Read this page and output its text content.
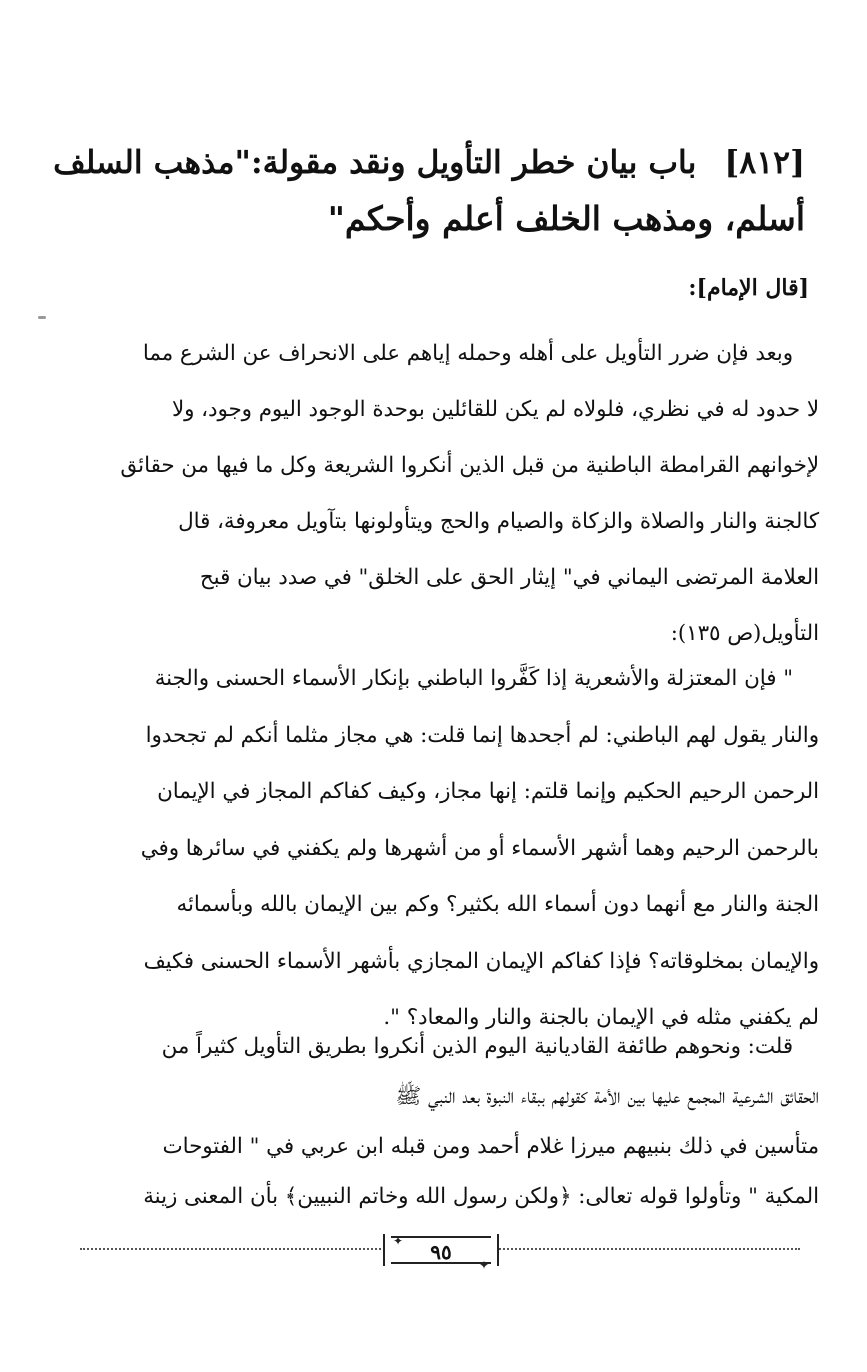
[٨١٢]باب بيان خطر التأويل ونقد مقولة:"مذهب السلف
أسلم، ومذهب الخلف أعلم وأحكم"
[قال الإمام]:
وبعد فإن ضرر التأويل على أهله وحمله إياهم على الانحراف عن الشرع مما
لا حدود له في نظري، فلولاه لم يكن للقائلين بوحدة الوجود اليوم وجود، ولا
لإخوانهم القرامطة الباطنية من قبل الذين أنكروا الشريعة وكل ما فيها من حقائق
كالجنة والنار والصلاة والزكاة والصيام والحج ويتأولونها بتآويل معروفة، قال
العلامة المرتضى اليماني في" إيثار الحق على الخلق" في صدد بيان قبح
التأويل(ص ١٣٥):
" فإن المعتزلة والأشعرية إذا كَفَّروا الباطني بإنكار الأسماء الحسنى والجنة
والنار يقول لهم الباطني: لم أجحدها إنما قلت: هي مجاز مثلما أنكم لم تجحدوا
الرحمن الرحيم الحكيم وإنما قلتم: إنها مجاز، وكيف كفاكم المجاز في الإيمان
بالرحمن الرحيم وهما أشهر الأسماء أو من أشهرها ولم يكفني في سائرها وفي
الجنة والنار مع أنهما دون أسماء الله بكثير؟ وكم بين الإيمان بالله وبأسمائه
والإيمان بمخلوقاته؟ فإذا كفاكم الإيمان المجازي بأشهر الأسماء الحسنى فكيف
لم يكفني مثله في الإيمان بالجنة والنار والمعاد؟ ".
قلت: ونحوهم طائفة القاديانية اليوم الذين أنكروا بطريق التأويل كثيراً من
الحقائق الشرعية المجمع عليها بين الأمة كقولهم ببقاء النبوة بعد النبي ﷺ
متأسين في ذلك بنبيهم ميرزا غلام أحمد ومن قبله ابن عربي في " الفتوحات
المكية " وتأولوا قوله تعالى: ﴿ولكن رسول الله وخاتم النبيين﴾ بأن المعنى زينة
✦	٩٥
✦
